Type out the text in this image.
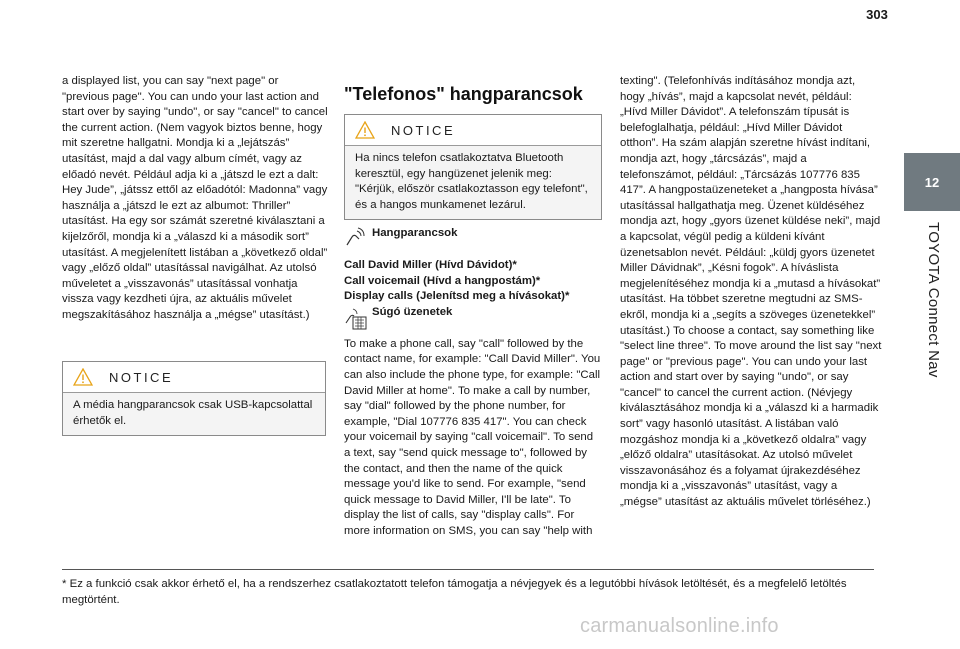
303
12
TOYOTA Connect Nav

a displayed list, you can say "next page" or "previous page". You can undo your last action and start over by saying "undo", or say "cancel" to cancel the current action. (Nem vagyok biztos benne, hogy mit szeretne hallgatni. Mondja ki a „lejátszás” utasítást, majd a dal vagy album címét, vagy az előadó nevét. Például adja ki a „játszd le ezt a dalt: Hey Jude”, „játssz ettől az előadótól: Madonna” vagy használja a „játszd le ezt az albumot: Thriller” utasítást. Ha egy sor számát szeretné kiválasztani a kijelzőről, mondja ki a „válaszd ki a második sort” utasítást. A megjelenített listában a „következő oldal” vagy „előző oldal” utasítással navigálhat. Az utolsó műveletet a „visszavonás” utasítással vonhatja vissza vagy kezdheti újra, az aktuális művelet megszakításához használja a „mégse” utasítást.)

NOTICE
A média hangparancsok csak USB-kapcsolattal érhetők el.
"Telefonos" hangparancsok
NOTICE
Ha nincs telefon csatlakoztatva Bluetooth keresztül, egy hangüzenet jelenik meg: "Kérjük, először csatlakoztasson egy telefont", és a hangos munkamenet lezárul.
Hangparancsok
Call David Miller (Hívd Dávidot)*
Call voicemail (Hívd a hangpostám)*
Display calls (Jelenítsd meg a hívásokat)*
Súgó üzenetek

To make a phone call, say "call" followed by the contact name, for example: "Call David Miller". You can also include the phone type, for example: "Call David Miller at home". To make a call by number, say "dial" followed by the phone number, for example, "Dial 107776 835 417". You can check your voicemail by saying "call voicemail". To send a text, say "send quick message to", followed by the contact, and then the name of the quick message you'd like to send. For example, "send quick message to David Miller, I'll be late". To display the list of calls, say "display calls". For more information on SMS, you can say "help with

texting". (Telefonhívás indításához mondja azt, hogy „hívás”, majd a kapcsolat nevét, például: „Hívd Miller Dávidot”. A telefonszám típusát is belefoglalhatja, például: „Hívd Miller Dávidot otthon”. Ha szám alapján szeretne hívást indítani, mondja azt, hogy „tárcsázás”, majd a telefonszámot, például: „Tárcsázás 107776 835 417”. A hangpostaüzeneteket a „hangposta hívása” utasítással hallgathatja meg. Üzenet küldéséhez mondja azt, hogy „gyors üzenet küldése neki”, majd a kapcsolat, végül pedig a küldeni kívánt üzenetsablon nevét. Például: „küldj gyors üzenetet Miller Dávidnak”, „Késni fogok”. A híváslista megjelenítéséhez mondja ki a „mutasd a hívásokat” utasítást. Ha többet szeretne megtudni az SMS-ekről, mondja ki a „segíts a szöveges üzenetekkel” utasítást.) To choose a contact, say something like "select line three". To move around the list say "next page" or "previous page". You can undo your last action and start over by saying "undo", or say "cancel" to cancel the current action. (Névjegy kiválasztásához mondja ki a „válaszd ki a harmadik sort” vagy hasonló utasítást. A listában való mozgáshoz mondja ki a „következő oldalra” vagy „előző oldalra” utasításokat. Az utolsó művelet visszavonásához és a folyamat újrakezdéséhez mondja ki a „visszavonás” utasítást, vagy a „mégse” utasítást az aktuális művelet törléséhez.)

* Ez a funkció csak akkor érhető el, ha a rendszerhez csatlakoztatott telefon támogatja a névjegyek és a legutóbbi hívások letöltését, és a megfelelő letöltés megtörtént.
carmanualsonline.info
